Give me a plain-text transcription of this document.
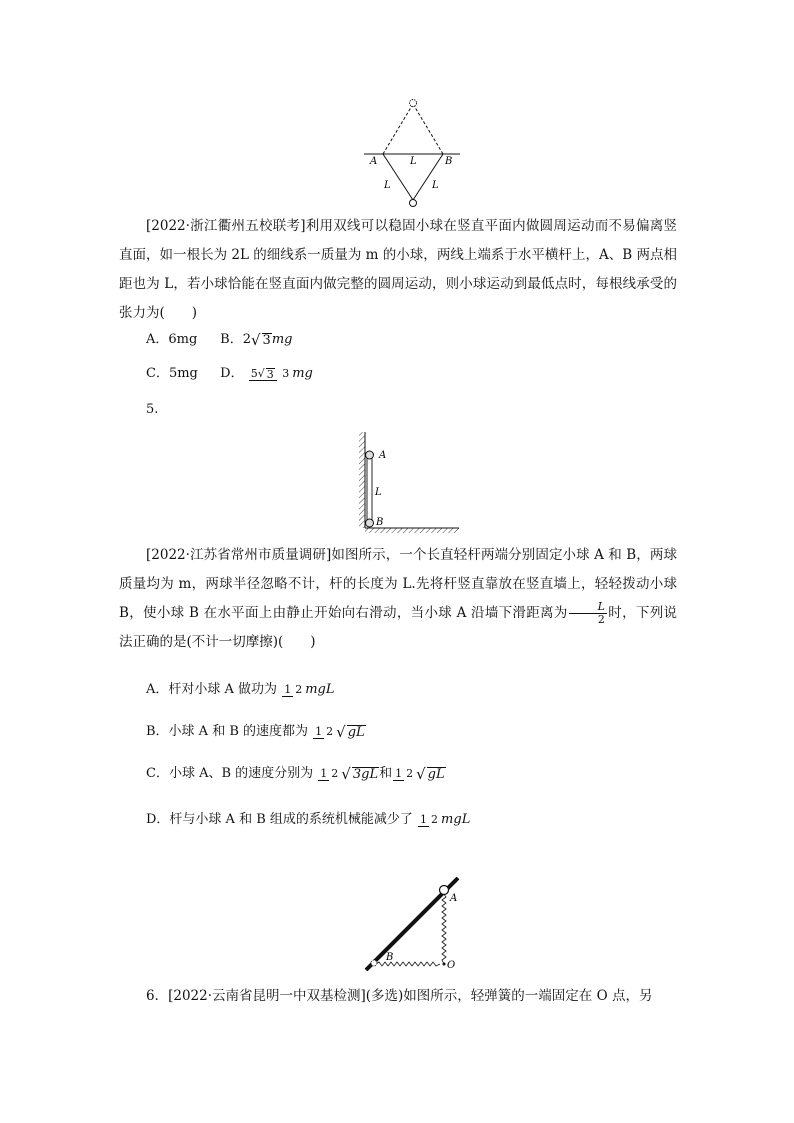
A	L	B
L	L

[2022·浙江衢州五校联考]利用双线可以稳固小球在竖直平面内做圆周运动而不易偏离竖直面，如一根长为 2L 的细线系一质量为 m 的小球，两线上端系于水平横杆上，A、B 两点相距也为 L，若小球恰能在竖直面内做完整的圆周运动，则小球运动到最低点时，每根线承受的张力为(　　)

A．6mg B．2√ 3mg
C．5mg D． 5√ 3 3 mg
5.
A
L
B

[2022·江苏省常州市质量调研]如图所示，一个长直轻杆两端分别固定小球 A 和 B，两球质量均为 m，两球半径忽略不计，杆的长度为 L.先将杆竖直靠放在竖直墙上，轻轻拨动小球 B，使小球 B 在水平面上由静止开始向右滑动，当小球 A 沿墙下滑距离为 $\frac{L}{2}$ 时，下列说法正确的是(不计一切摩擦)(　　)

A．杆对小球 A 做功为 1 2 mgL
B．小球 A 和 B 的速度都为 1 2 √ gL
C．小球 A、B 的速度分别为 1 2 √ 3gL和 1 2 √ gL
D．杆与小球 A 和 B 组成的系统机械能减少了 1 2 mgL
A
B
O

6．[2022·云南省昆明一中双基检测](多选)如图所示，轻弹簧的一端固定在 O 点，另
